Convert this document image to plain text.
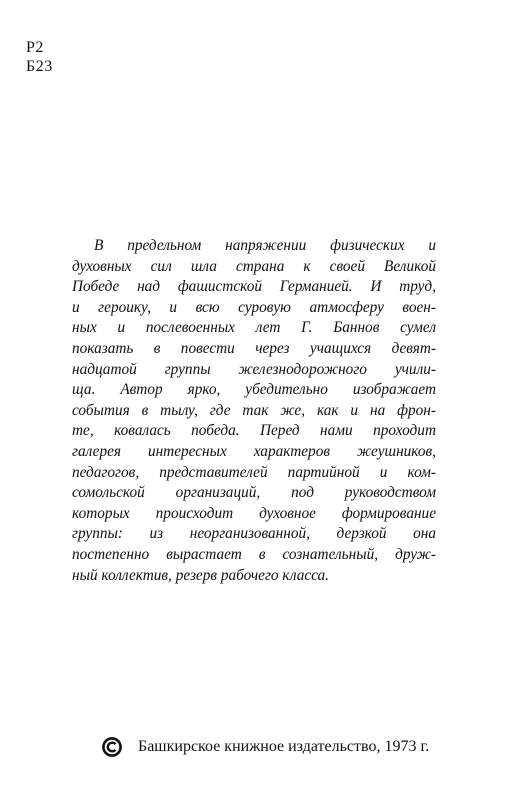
Р2
Б23

В предельном напряжении физических и
духовных сил шла страна к своей Великой
Победе над фашистской Германией. И труд,
и героику, и всю суровую атмосферу воен-
ных и послевоенных лет Г. Баннов сумел
показать в повести через учащихся девят-
надцатой группы железнодорожного учили-
ща. Автор ярко, убедительно изображает
события в тылу, где так же, как и на фрон-
те, ковалась победа. Перед нами проходит
галерея интересных характеров жеушников,
педагогов, представителей партийной и ком-
сомольской организаций, под руководством
которых происходит духовное формирование
группы: из неорганизованной, дерзкой она
постепенно вырастает в сознательный, друж-
ный коллектив, резерв рабочего класса.

Башкирское книжное издательство, 1973 г.
